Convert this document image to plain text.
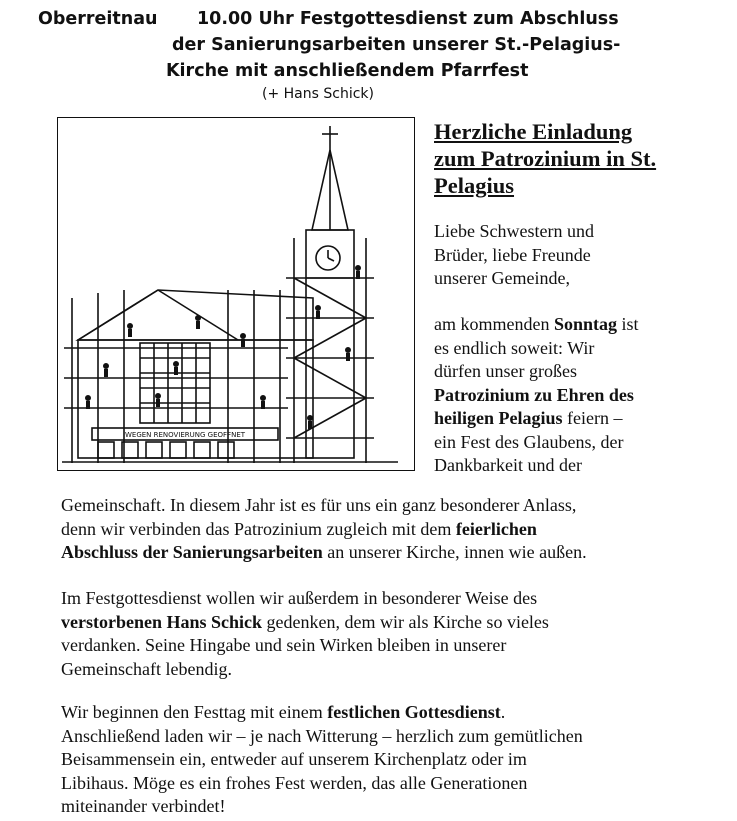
Oberreitnau 10.00 Uhr Festgottesdienst zum Abschluss
der Sanierungsarbeiten unserer St.-Pelagius-
Kirche mit anschließendem Pfarrfest
(+ Hans Schick)
WEGEN RENOVIERUNG GEOFFNET
Herzliche Einladung
zum Patrozinium in St.
Pelagius

Liebe Schwestern und
Brüder, liebe Freunde
unserer Gemeinde,

am kommenden Sonntag ist
es endlich soweit: Wir
dürfen unser großes
Patrozinium zu Ehren des
heiligen Pelagius feiern –
ein Fest des Glaubens, der
Dankbarkeit und der

Gemeinschaft. In diesem Jahr ist es für uns ein ganz besonderer Anlass,
denn wir verbinden das Patrozinium zugleich mit dem feierlichen
Abschluss der Sanierungsarbeiten an unserer Kirche, innen wie außen.

Im Festgottesdienst wollen wir außerdem in besonderer Weise des
verstorbenen Hans Schick gedenken, dem wir als Kirche so vieles
verdanken. Seine Hingabe und sein Wirken bleiben in unserer
Gemeinschaft lebendig.

Wir beginnen den Festtag mit einem festlichen Gottesdienst.
Anschließend laden wir – je nach Witterung – herzlich zum gemütlichen
Beisammensein ein, entweder auf unserem Kirchenplatz oder im
Libihaus. Möge es ein frohes Fest werden, das alle Generationen
miteinander verbindet!
